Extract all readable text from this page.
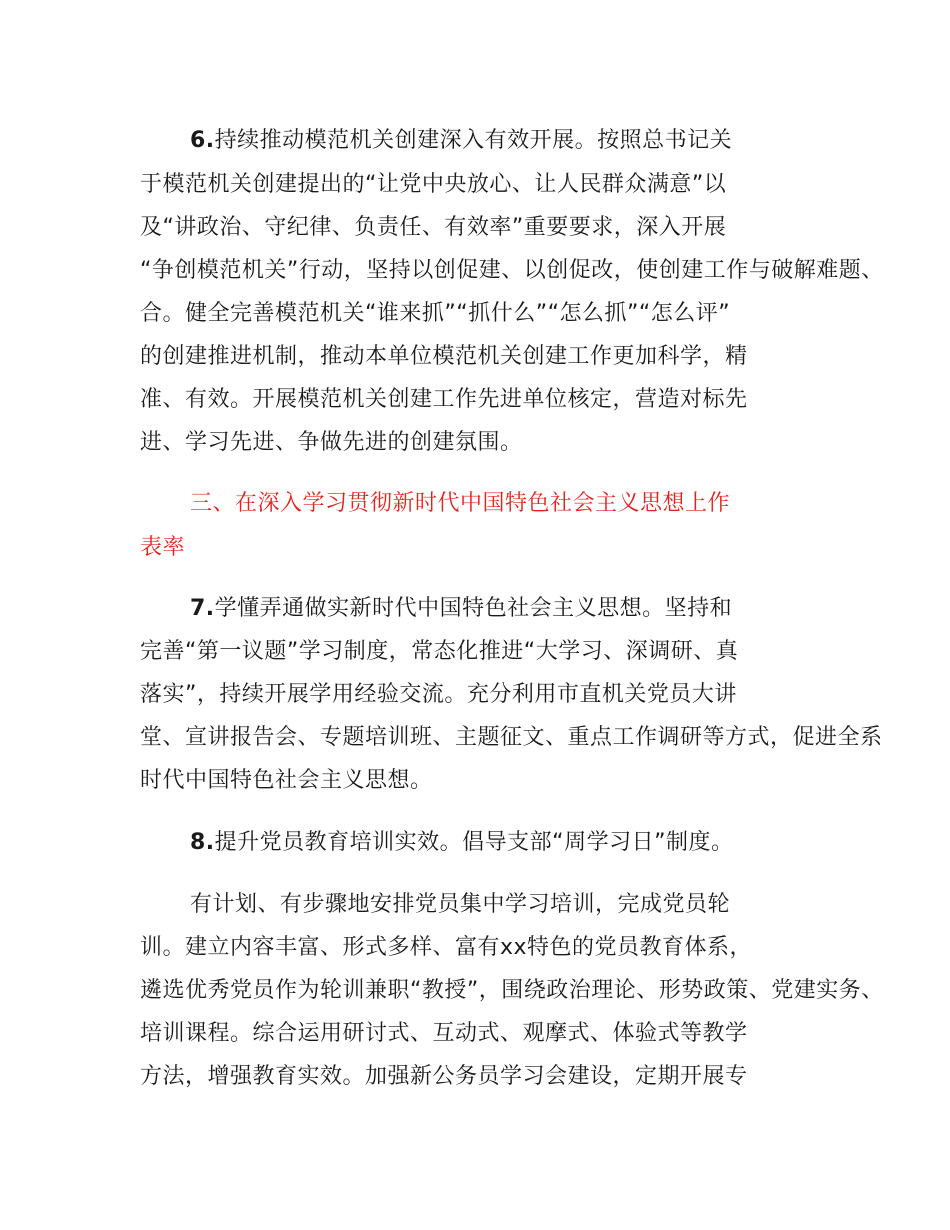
6.持续推动模范机关创建深入有效开展。按照总书记关
于模范机关创建提出的“让党中央放心、让人民群众满意”以
及“讲政治、守纪律、负责任、有效率”重要要求，深入开展
“争创模范机关”行动，坚持以创促建、以创促改，使创建工作与破解难题、
合。健全完善模范机关“谁来抓”“抓什么”“怎么抓”“怎么评”
的创建推进机制，推动本单位模范机关创建工作更加科学，精
准、有效。开展模范机关创建工作先进单位核定，营造对标先
进、学习先进、争做先进的创建氛围。
三、在深入学习贯彻新时代中国特色社会主义思想上作
表率
7.学懂弄通做实新时代中国特色社会主义思想。坚持和
完善“第一议题”学习制度，常态化推进“大学习、深调研、真
落实”，持续开展学用经验交流。充分利用市直机关党员大讲
堂、宣讲报告会、专题培训班、主题征文、重点工作调研等方式，促进全系
时代中国特色社会主义思想。
8.提升党员教育培训实效。倡导支部“周学习日”制度。
有计划、有步骤地安排党员集中学习培训，完成党员轮
训。建立内容丰富、形式多样、富有xx特色的党员教育体系，
遴选优秀党员作为轮训兼职“教授”，围绕政治理论、形势政策、党建实务、
培训课程。综合运用研讨式、互动式、观摩式、体验式等教学
方法，增强教育实效。加强新公务员学习会建设，定期开展专
